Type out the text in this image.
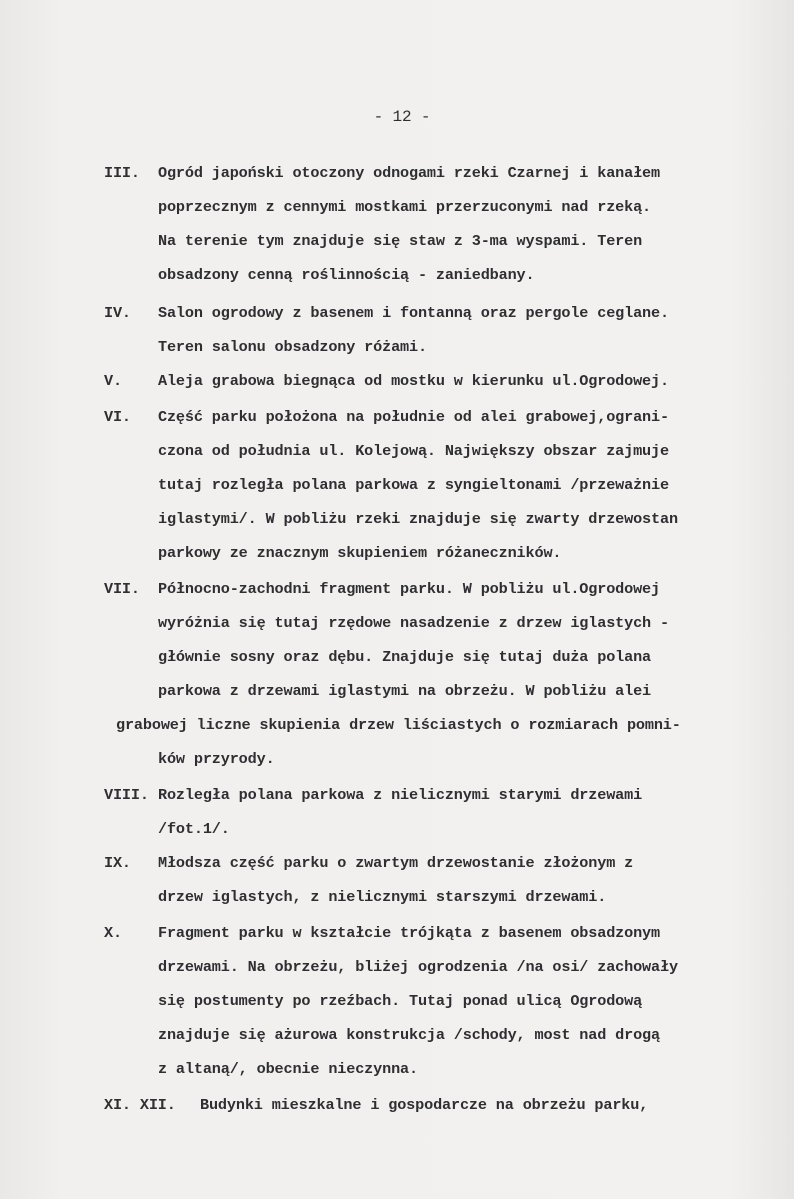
- 12 -
III. Ogród japoński otoczony odnogami rzeki Czarnej i kanałem
poprzecznym z cennymi mostkami przerzuconymi nad rzeką.
Na terenie tym znajduje się staw z 3-ma wyspami. Teren
obsadzony cenną roślinnością - zaniedbany.
IV. Salon ogrodowy z basenem i fontanną oraz pergole ceglane.
Teren salonu obsadzony różami.
V. Aleja grabowa biegnąca od mostku w kierunku ul.Ogrodowej.
VI. Część parku położona na południe od alei grabowej,ograni-
czona od południa ul. Kolejową. Największy obszar zajmuje
tutaj rozległa polana parkowa z syngieltonami /przeważnie
iglastymi/. W pobliżu rzeki znajduje się zwarty drzewostan
parkowy ze znacznym skupieniem różaneczników.
VII. Północno-zachodni fragment parku. W pobliżu ul.Ogrodowej
wyróżnia się tutaj rzędowe nasadzenie z drzew iglastych -
głównie sosny oraz dębu. Znajduje się tutaj duża polana
parkowa z drzewami iglastymi na obrzeżu. W pobliżu alei
grabowej liczne skupienia drzew liściastych o rozmiarach pomni-
ków przyrody.
VIII. Rozległa polana parkowa z nielicznymi starymi drzewami
/fot.1/.
IX. Młodsza część parku o zwartym drzewostanie złożonym z
drzew iglastych, z nielicznymi starszymi drzewami.
X. Fragment parku w kształcie trójkąta z basenem obsadzonym
drzewami. Na obrzeżu, bliżej ogrodzenia /na osi/ zachowały
się postumenty po rzeźbach. Tutaj ponad ulicą Ogrodową
znajduje się ażurowa konstrukcja /schody, most nad drogą
z altaną/, obecnie nieczynna.
XI. XII. Budynki mieszkalne i gospodarcze na obrzeżu parku,
